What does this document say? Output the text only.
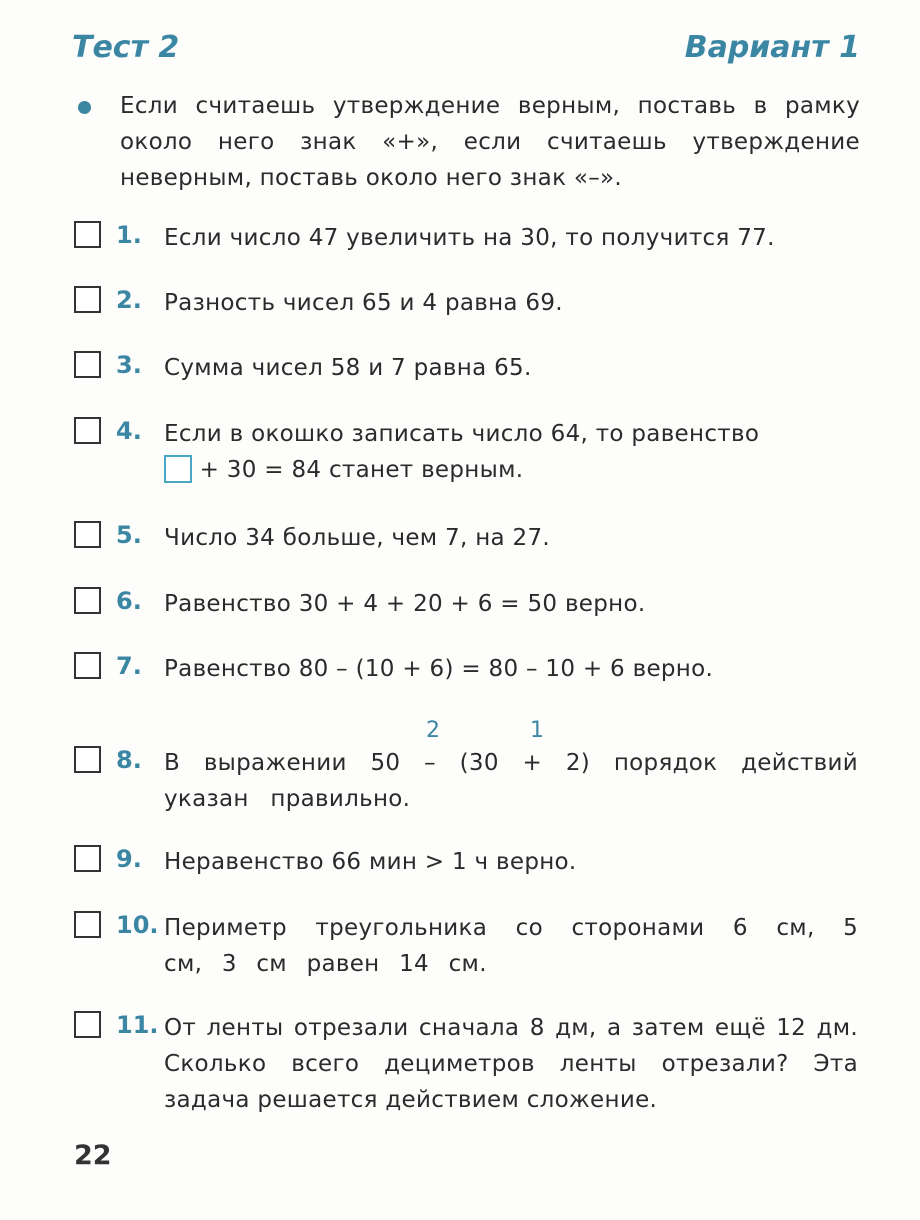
Тест 2	Вариант 1
Если считаешь утверждение верным, поставь в рамку около него знак «+», если считаешь утверждение неверным, поставь около него знак «–».
1. Если число 47 увеличить на 30, то получится 77.
2. Разность чисел 65 и 4 равна 69.
3. Сумма чисел 58 и 7 равна 65.
4. Если в окошко записать число 64, то равенство
+ 30 = 84 станет верным.
5. Число 34 больше, чем 7, на 27.
6. Равенство 30 + 4 + 20 + 6 = 50 верно.
7. Равенство 80 – (10 + 6) = 80 – 10 + 6 верно.
2	1
8. В выражении 50 – (30 + 2) порядок действий указан правильно.
9. Неравенство 66 мин > 1 ч верно.
10. Периметр треугольника со сторонами 6 см, 5 см, 3 см равен 14 см.
11. От ленты отрезали сначала 8 дм, а затем ещё 12 дм. Сколько всего дециметров ленты отрезали? Эта задача решается действием сложение.
22
